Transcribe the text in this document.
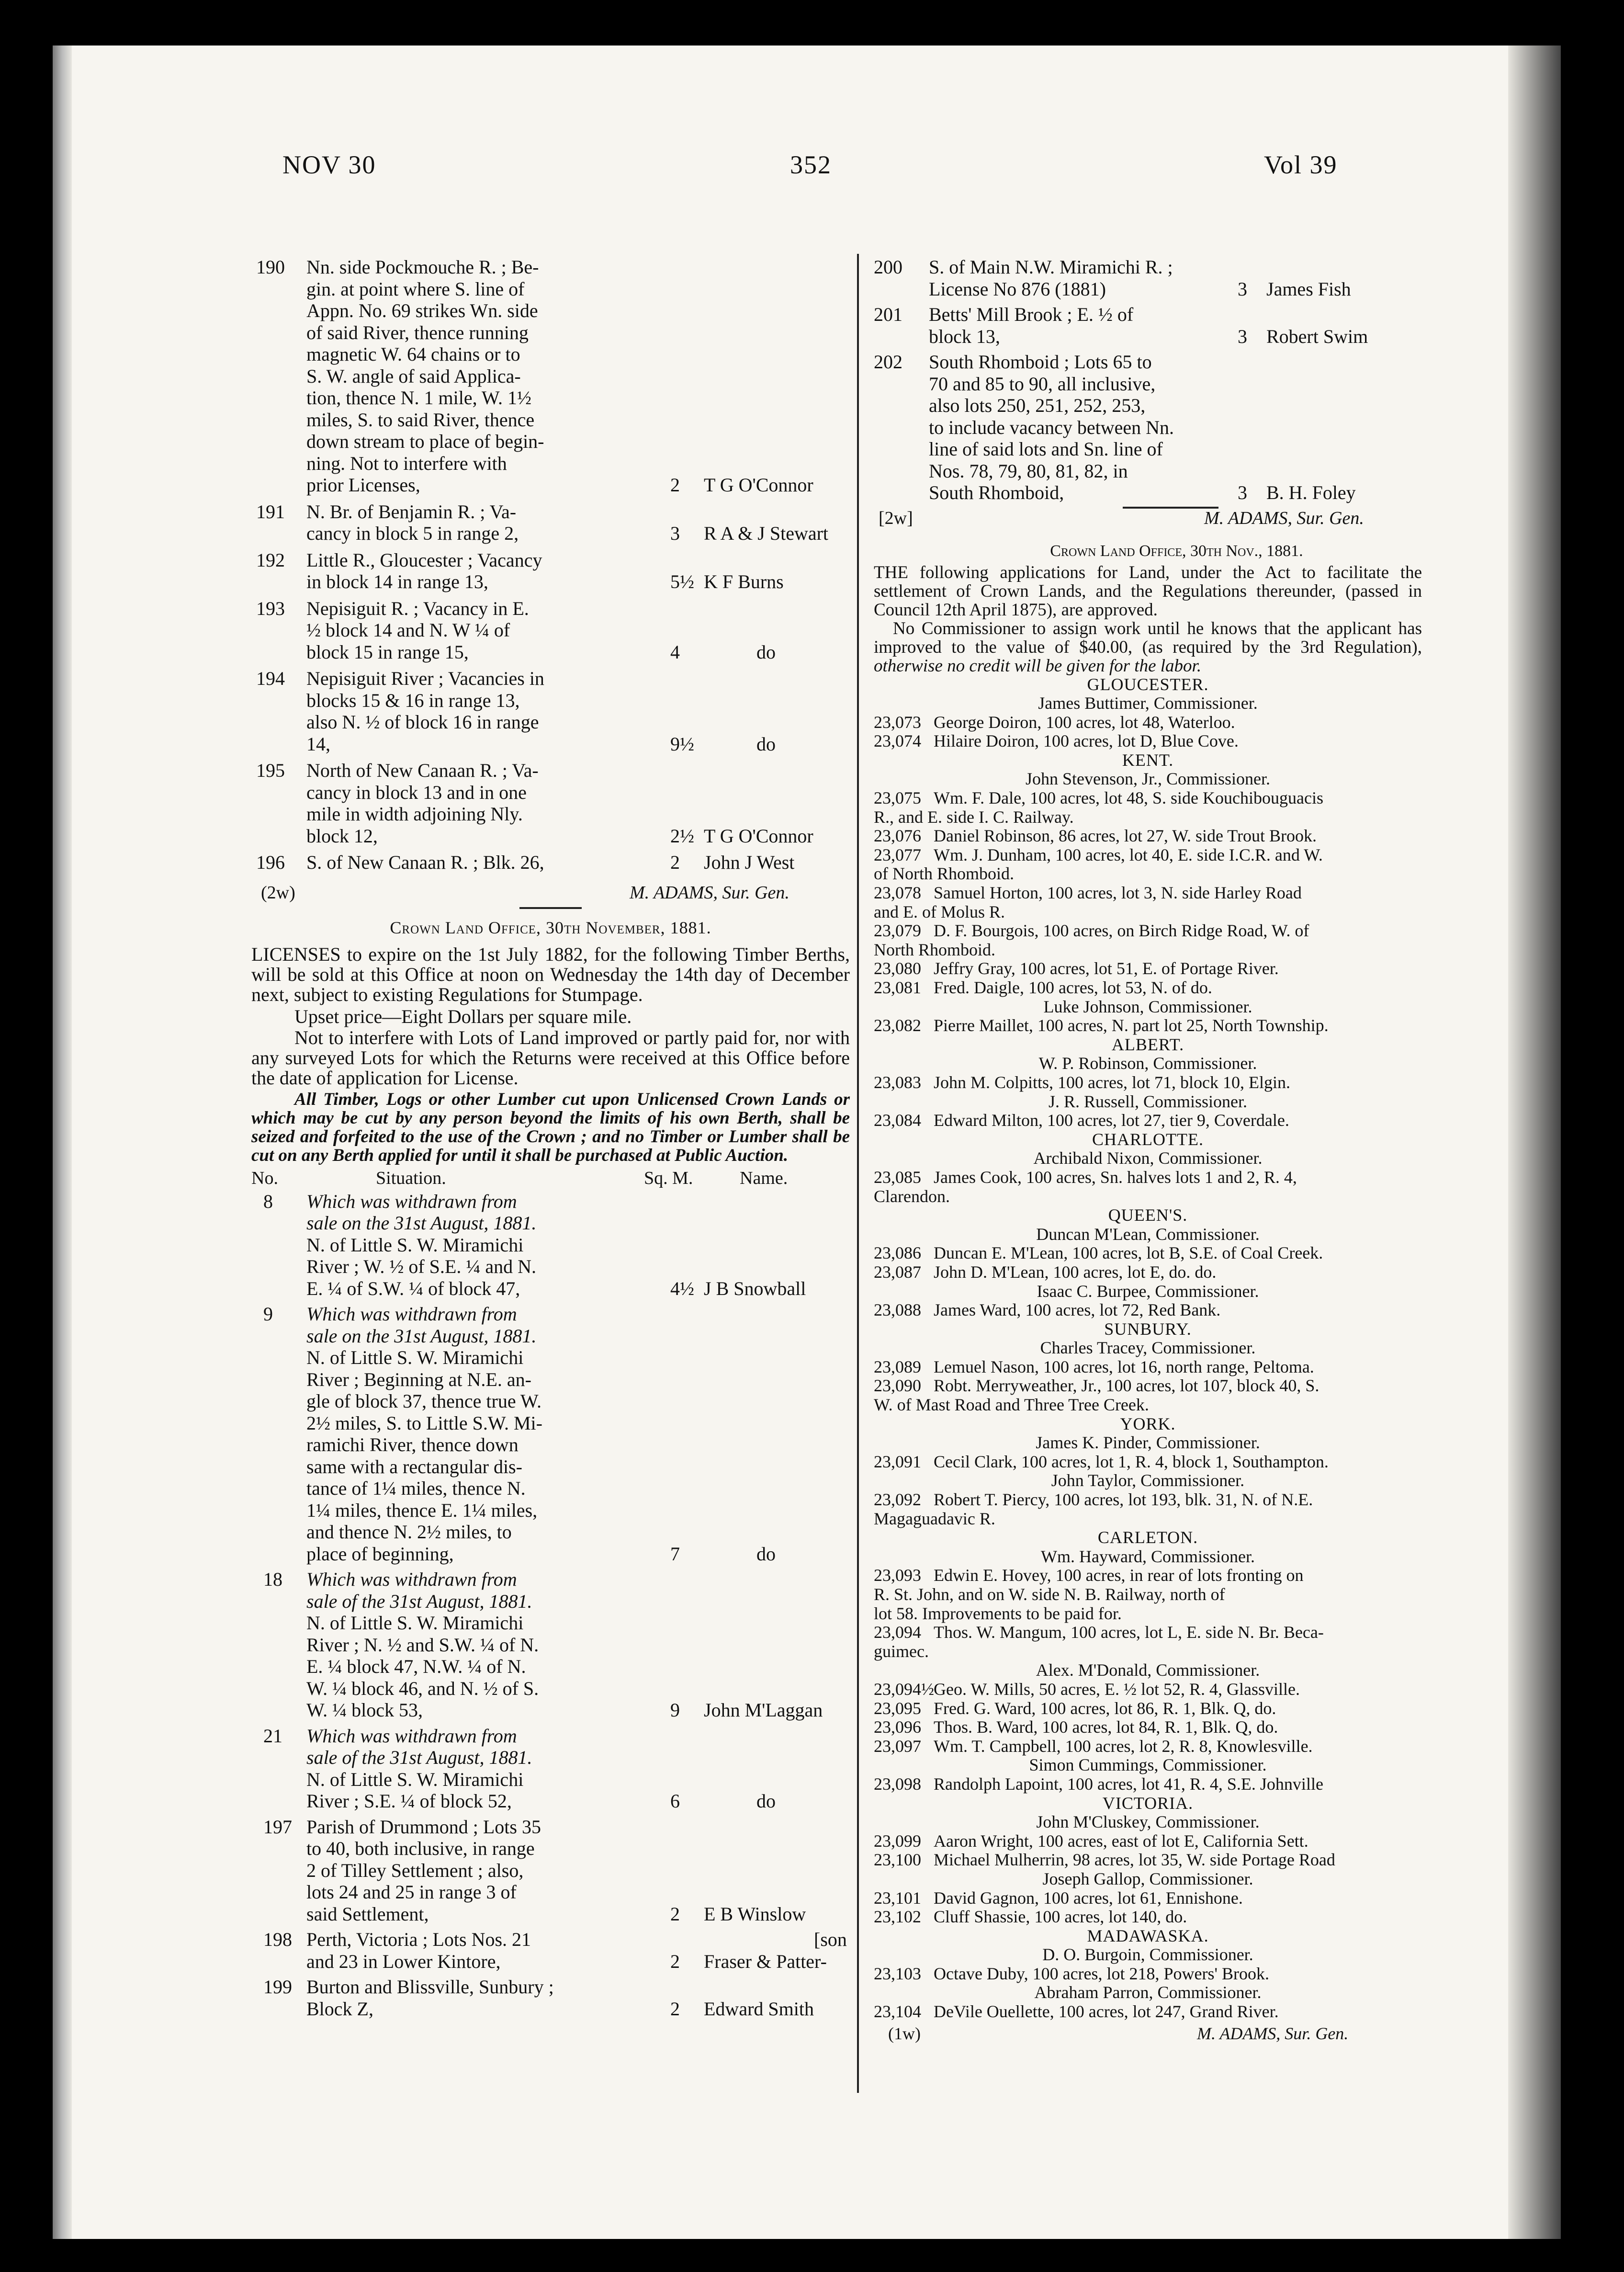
NOV 30	352	Vol 39
190 Nn. side Pockmouche R. ; Be-
gin. at point where S. line of
Appn. No. 69 strikes Wn. side
of said River, thence running
magnetic W. 64 chains or to
S. W. angle of said Applica-
tion, thence N. 1 mile, W. 1½
miles, S. to said River, thence
down stream to place of begin-
ning. Not to interfere with
prior Licenses,	2	T G O'Connor
191 N. Br. of Benjamin R. ; Va-
cancy in block 5 in range 2,	3	R A & J Stewart
192 Little R., Gloucester ; Vacancy
in block 14 in range 13,	5½ K F Burns
193 Nepisiguit R. ; Vacancy in E.
½ block 14 and N. W ¼ of
block 15 in range 15,	4	do
194 Nepisiguit River ; Vacancies in
blocks 15 & 16 in range 13,
also N. ½ of block 16 in range
14,	9½	do
195 North of New Canaan R. ; Va-
cancy in block 13 and in one
mile in width adjoining Nly.
block 12,	2½ T G O'Connor
196 S. of New Canaan R. ; Blk. 26,	2	John J West
(2w)	M. ADAMS, Sur. Gen.
Crown Land Office, 30th November, 1881.
LICENSES to expire on the 1st July 1882, for the following Timber Berths, will be sold at this Office at noon on Wednesday the 14th day of December next, subject to existing Regulations for Stumpage.
Upset price—Eight Dollars per square mile.
Not to interfere with Lots of Land improved or partly paid for, nor with any surveyed Lots for which the Returns were received at this Office before the date of application for License.
All Timber, Logs or other Lumber cut upon Unlicensed Crown Lands or which may be cut by any person beyond the limits of his own Berth, shall be seized and forfeited to the use of the Crown ; and no Timber or Lumber shall be cut on any Berth applied for until it shall be purchased at Public Auction.
No.	Situation.	Sq. M.	Name.
8 Which was withdrawn from
sale on the 31st August, 1881.
N. of Little S. W. Miramichi
River ; W. ½ of S.E. ¼ and N.
E. ¼ of S.W. ¼ of block 47,	4½ J B Snowball
9 Which was withdrawn from
sale on the 31st August, 1881.
N. of Little S. W. Miramichi
River ; Beginning at N.E. an-
gle of block 37, thence true W.
2½ miles, S. to Little S.W. Mi-
ramichi River, thence down
same with a rectangular dis-
tance of 1¼ miles, thence N.
1¼ miles, thence E. 1¼ miles,
and thence N. 2½ miles, to
place of beginning,	7	do
18 Which was withdrawn from
sale of the 31st August, 1881.
N. of Little S. W. Miramichi
River ; N. ½ and S.W. ¼ of N.
E. ¼ block 47, N.W. ¼ of N.
W. ¼ block 46, and N. ½ of S.
W. ¼ block 53,	9	John M'Laggan
21 Which was withdrawn from
sale of the 31st August, 1881.
N. of Little S. W. Miramichi
River ; S.E. ¼ of block 52,	6	do
197 Parish of Drummond ; Lots 35
to 40, both inclusive, in range
2 of Tilley Settlement ; also,
lots 24 and 25 in range 3 of
said Settlement,	2	E B Winslow
198 Perth, Victoria ; Lots Nos. 21
and 23 in Lower Kintore,	2	Fraser & Patter-
[son
199 Burton and Blissville, Sunbury ;
Block Z,	2	Edward Smith
200 S. of Main N.W. Miramichi R. ;
License No 876 (1881)	3	James Fish
201 Betts' Mill Brook ; E. ½ of
block 13,	3	Robert Swim
202 South Rhomboid ; Lots 65 to
70 and 85 to 90, all inclusive,
also lots 250, 251, 252, 253,
to include vacancy between Nn.
line of said lots and Sn. line of
Nos. 78, 79, 80, 81, 82, in
South Rhomboid,	3	B. H. Foley
[2w]	M. ADAMS, Sur. Gen.
Crown Land Office, 30th Nov., 1881.
THE following applications for Land, under the Act to facilitate the settlement of Crown Lands, and the Regulations thereunder, (passed in Council 12th April 1875), are approved.
No Commissioner to assign work until he knows that the applicant has improved to the value of $40.00, (as required by the 3rd Regulation), otherwise no credit will be given for the labor.
GLOUCESTER.
James Buttimer, Commissioner.
23,073 George Doiron, 100 acres, lot 48, Waterloo.
23,074 Hilaire Doiron, 100 acres, lot D, Blue Cove.
KENT.
John Stevenson, Jr., Commissioner.
23,075 Wm. F. Dale, 100 acres, lot 48, S. side Kouchibouguacis
R., and E. side I. C. Railway.
23,076 Daniel Robinson, 86 acres, lot 27, W. side Trout Brook.
23,077 Wm. J. Dunham, 100 acres, lot 40, E. side I.C.R. and W.
of North Rhomboid.
23,078 Samuel Horton, 100 acres, lot 3, N. side Harley Road
and E. of Molus R.
23,079 D. F. Bourgois, 100 acres, on Birch Ridge Road, W. of
North Rhomboid.
23,080 Jeffry Gray, 100 acres, lot 51, E. of Portage River.
23,081 Fred. Daigle, 100 acres, lot 53, N. of do.
Luke Johnson, Commissioner.
23,082 Pierre Maillet, 100 acres, N. part lot 25, North Township.
ALBERT.
W. P. Robinson, Commissioner.
23,083 John M. Colpitts, 100 acres, lot 71, block 10, Elgin.
J. R. Russell, Commissioner.
23,084 Edward Milton, 100 acres, lot 27, tier 9, Coverdale.
CHARLOTTE.
Archibald Nixon, Commissioner.
23,085 James Cook, 100 acres, Sn. halves lots 1 and 2, R. 4,
Clarendon.
QUEEN'S.
Duncan M'Lean, Commissioner.
23,086 Duncan E. M'Lean, 100 acres, lot B, S.E. of Coal Creek.
23,087 John D. M'Lean, 100 acres, lot E, do. do.
Isaac C. Burpee, Commissioner.
23,088 James Ward, 100 acres, lot 72, Red Bank.
SUNBURY.
Charles Tracey, Commissioner.
23,089 Lemuel Nason, 100 acres, lot 16, north range, Peltoma.
23,090 Robt. Merryweather, Jr., 100 acres, lot 107, block 40, S.
W. of Mast Road and Three Tree Creek.
YORK.
James K. Pinder, Commissioner.
23,091 Cecil Clark, 100 acres, lot 1, R. 4, block 1, Southampton.
John Taylor, Commissioner.
23,092 Robert T. Piercy, 100 acres, lot 193, blk. 31, N. of N.E.
Magaguadavic R.
CARLETON.
Wm. Hayward, Commissioner.
23,093 Edwin E. Hovey, 100 acres, in rear of lots fronting on
R. St. John, and on W. side N. B. Railway, north of
lot 58. Improvements to be paid for.
23,094 Thos. W. Mangum, 100 acres, lot L, E. side N. Br. Beca-
guimec.
Alex. M'Donald, Commissioner.
23,094½Geo. W. Mills, 50 acres, E. ½ lot 52, R. 4, Glassville.
23,095 Fred. G. Ward, 100 acres, lot 86, R. 1, Blk. Q, do.
23,096 Thos. B. Ward, 100 acres, lot 84, R. 1, Blk. Q, do.
23,097 Wm. T. Campbell, 100 acres, lot 2, R. 8, Knowlesville.
Simon Cummings, Commissioner.
23,098 Randolph Lapoint, 100 acres, lot 41, R. 4, S.E. Johnville
VICTORIA.
John M'Cluskey, Commissioner.
23,099 Aaron Wright, 100 acres, east of lot E, California Sett.
23,100 Michael Mulherrin, 98 acres, lot 35, W. side Portage Road
Joseph Gallop, Commissioner.
23,101 David Gagnon, 100 acres, lot 61, Ennishone.
23,102 Cluff Shassie, 100 acres, lot 140, do.
MADAWASKA.
D. O. Burgoin, Commissioner.
23,103 Octave Duby, 100 acres, lot 218, Powers' Brook.
Abraham Parron, Commissioner.
23,104 DeVile Ouellette, 100 acres, lot 247, Grand River.
(1w)	M. ADAMS, Sur. Gen.
